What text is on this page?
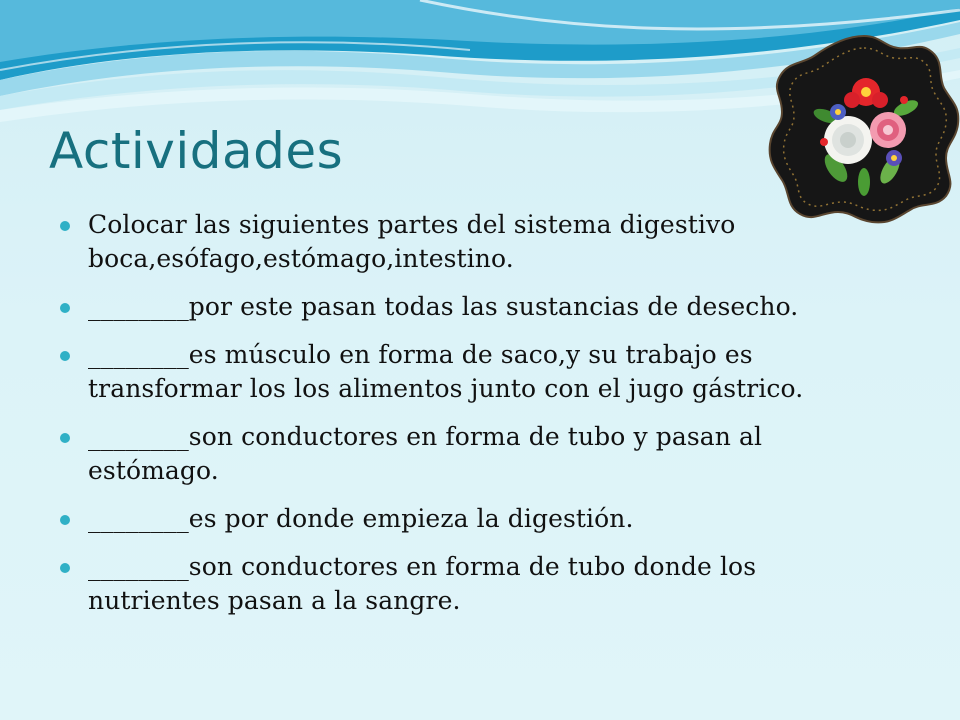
Actividades
Colocar las siguientes partes del sistema digestivo boca,esófago,estómago,intestino.
________por este pasan todas las sustancias de desecho.
________es músculo en forma de saco,y su trabajo es transformar los los alimentos junto con el jugo gástrico.
________son conductores en forma de tubo y pasan al estómago.
________es por donde empieza la digestión.
________son conductores en forma de tubo donde los nutrientes pasan a la sangre.
